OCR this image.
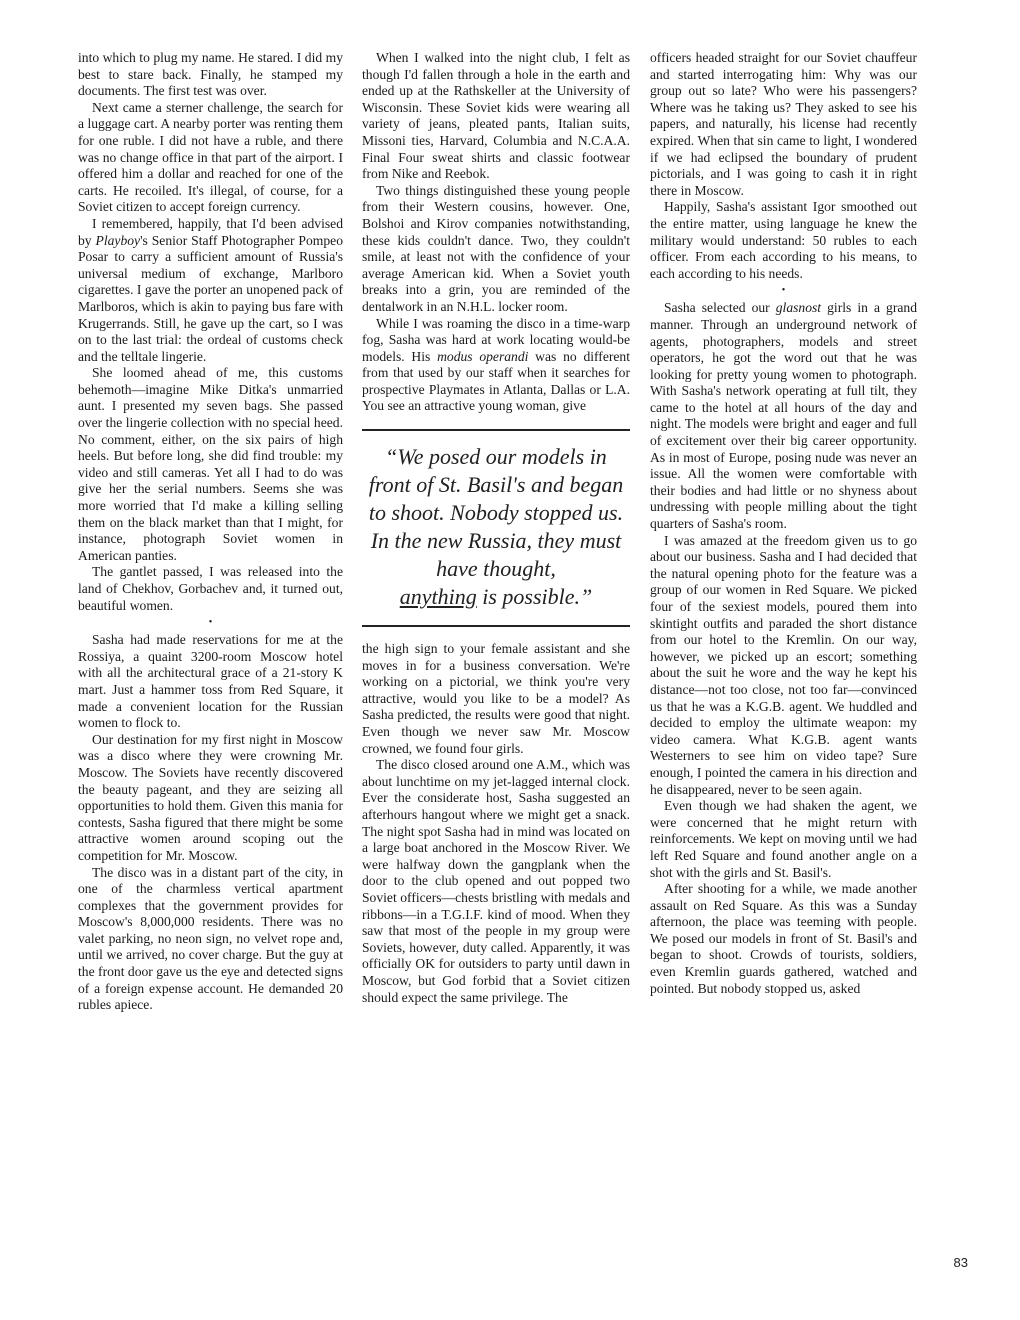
into which to plug my name. He stared. I did my best to stare back. Finally, he stamped my documents. The first test was over.

Next came a sterner challenge, the search for a luggage cart. A nearby porter was renting them for one ruble. I did not have a ruble, and there was no change office in that part of the airport. I offered him a dollar and reached for one of the carts. He recoiled. It's illegal, of course, for a Soviet citizen to accept foreign currency.

I remembered, happily, that I'd been advised by Playboy's Senior Staff Photographer Pompeo Posar to carry a sufficient amount of Russia's universal medium of exchange, Marlboro cigarettes. I gave the porter an unopened pack of Marlboros, which is akin to paying bus fare with Krugerrands. Still, he gave up the cart, so I was on to the last trial: the ordeal of customs check and the telltale lingerie.

She loomed ahead of me, this customs behemoth—imagine Mike Ditka's unmarried aunt. I presented my seven bags. She passed over the lingerie collection with no special heed. No comment, either, on the six pairs of high heels. But before long, she did find trouble: my video and still cameras. Yet all I had to do was give her the serial numbers. Seems she was more worried that I'd make a killing selling them on the black market than that I might, for instance, photograph Soviet women in American panties.

The gantlet passed, I was released into the land of Chekhov, Gorbachev and, it turned out, beautiful women.

•

Sasha had made reservations for me at the Rossiya, a quaint 3200-room Moscow hotel with all the architectural grace of a 21-story K mart. Just a hammer toss from Red Square, it made a convenient location for the Russian women to flock to.

Our destination for my first night in Moscow was a disco where they were crowning Mr. Moscow. The Soviets have recently discovered the beauty pageant, and they are seizing all opportunities to hold them. Given this mania for contests, Sasha figured that there might be some attractive women around scoping out the competition for Mr. Moscow.

The disco was in a distant part of the city, in one of the charmless vertical apartment complexes that the government provides for Moscow's 8,000,000 residents. There was no valet parking, no neon sign, no velvet rope and, until we arrived, no cover charge. But the guy at the front door gave us the eye and detected signs of a foreign expense account. He demanded 20 rubles apiece.

When I walked into the night club, I felt as though I'd fallen through a hole in the earth and ended up at the Rathskeller at the University of Wisconsin. These Soviet kids were wearing all variety of jeans, pleated pants, Italian suits, Missoni ties, Harvard, Columbia and N.C.A.A. Final Four sweat shirts and classic footwear from Nike and Reebok.

Two things distinguished these young people from their Western cousins, however. One, Bolshoi and Kirov companies notwithstanding, these kids couldn't dance. Two, they couldn't smile, at least not with the confidence of your average American kid. When a Soviet youth breaks into a grin, you are reminded of the dentalwork in an N.H.L. locker room.

While I was roaming the disco in a time-warp fog, Sasha was hard at work locating would-be models. His modus operandi was no different from that used by our staff when it searches for prospective Playmates in Atlanta, Dallas or L.A. You see an attractive young woman, give

“We posed our models in front of St. Basil's and began to shoot. Nobody stopped us. In the new Russia, they must have thought,
anything is possible.”

the high sign to your female assistant and she moves in for a business conversation. We're working on a pictorial, we think you're very attractive, would you like to be a model? As Sasha predicted, the results were good that night. Even though we never saw Mr. Moscow crowned, we found four girls.

The disco closed around one A.M., which was about lunchtime on my jet-lagged internal clock. Ever the considerate host, Sasha suggested an afterhours hangout where we might get a snack. The night spot Sasha had in mind was located on a large boat anchored in the Moscow River. We were halfway down the gangplank when the door to the club opened and out popped two Soviet officers—chests bristling with medals and ribbons—in a T.G.I.F. kind of mood. When they saw that most of the people in my group were Soviets, however, duty called. Apparently, it was officially OK for outsiders to party until dawn in Moscow, but God forbid that a Soviet citizen should expect the same privilege. The

officers headed straight for our Soviet chauffeur and started interrogating him: Why was our group out so late? Who were his passengers? Where was he taking us? They asked to see his papers, and naturally, his license had recently expired. When that sin came to light, I wondered if we had eclipsed the boundary of prudent pictorials, and I was going to cash it in right there in Moscow.

Happily, Sasha's assistant Igor smoothed out the entire matter, using language he knew the military would understand: 50 rubles to each officer. From each according to his means, to each according to his needs.

•

Sasha selected our glasnost girls in a grand manner. Through an underground network of agents, photographers, models and street operators, he got the word out that he was looking for pretty young women to photograph. With Sasha's network operating at full tilt, they came to the hotel at all hours of the day and night. The models were bright and eager and full of excitement over their big career opportunity. As in most of Europe, posing nude was never an issue. All the women were comfortable with their bodies and had little or no shyness about undressing with people milling about the tight quarters of Sasha's room.

I was amazed at the freedom given us to go about our business. Sasha and I had decided that the natural opening photo for the feature was a group of our women in Red Square. We picked four of the sexiest models, poured them into skintight outfits and paraded the short distance from our hotel to the Kremlin. On our way, however, we picked up an escort; something about the suit he wore and the way he kept his distance—not too close, not too far—convinced us that he was a K.G.B. agent. We huddled and decided to employ the ultimate weapon: my video camera. What K.G.B. agent wants Westerners to see him on video tape? Sure enough, I pointed the camera in his direction and he disappeared, never to be seen again.

Even though we had shaken the agent, we were concerned that he might return with reinforcements. We kept on moving until we had left Red Square and found another angle on a shot with the girls and St. Basil's.

After shooting for a while, we made another assault on Red Square. As this was a Sunday afternoon, the place was teeming with people. We posed our models in front of St. Basil's and began to shoot. Crowds of tourists, soldiers, even Kremlin guards gathered, watched and pointed. But nobody stopped us, asked

83
